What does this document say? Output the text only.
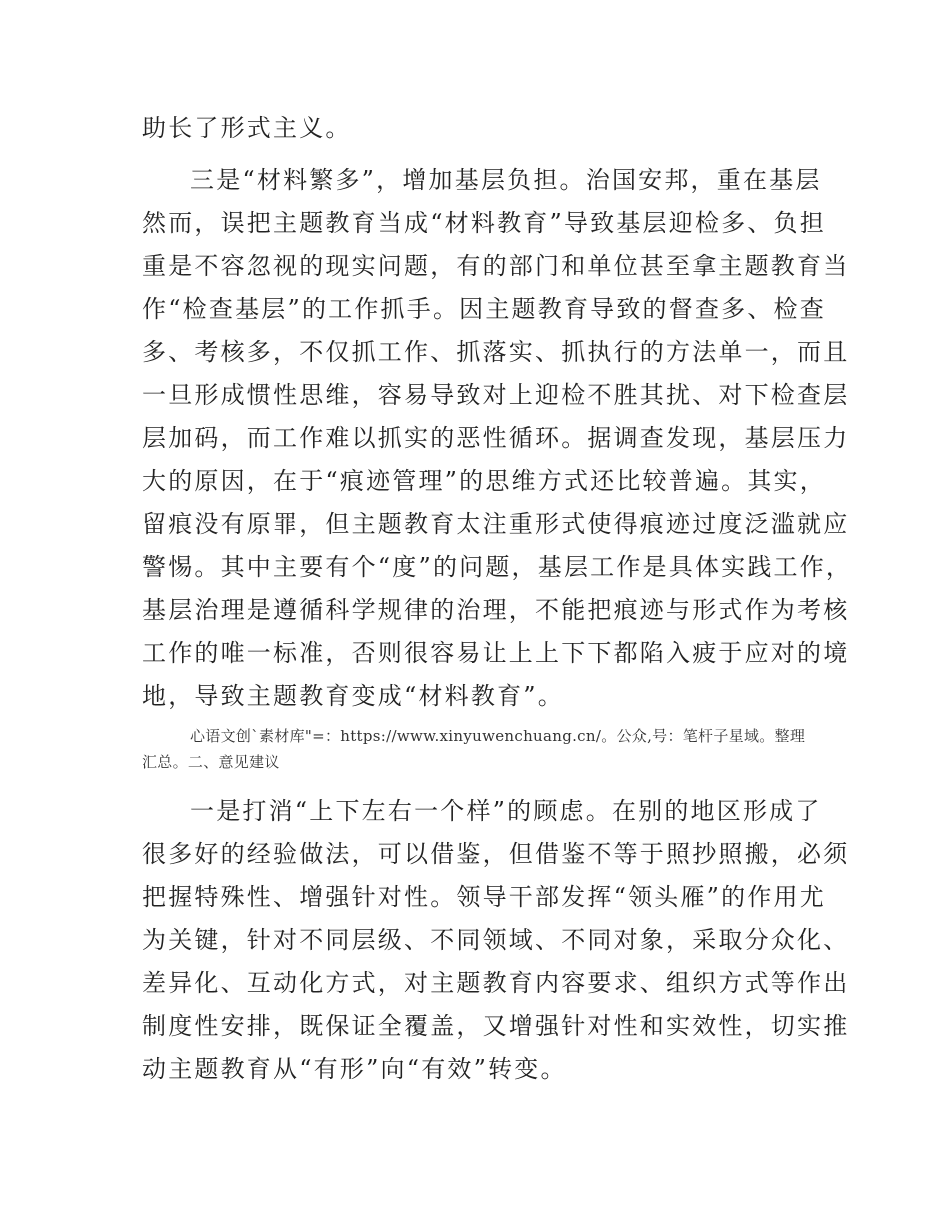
助长了形式主义。
三是“材料繁多”，增加基层负担。治国安邦，重在基层
然而，误把主题教育当成“材料教育”导致基层迎检多、负担
重是不容忽视的现实问题，有的部门和单位甚至拿主题教育当
作“检查基层”的工作抓手。因主题教育导致的督查多、检查
多、考核多，不仅抓工作、抓落实、抓执行的方法单一，而且
一旦形成惯性思维，容易导致对上迎检不胜其扰、对下检查层
层加码，而工作难以抓实的恶性循环。据调查发现，基层压力
大的原因，在于“痕迹管理”的思维方式还比较普遍。其实，
留痕没有原罪，但主题教育太注重形式使得痕迹过度泛滥就应
警惕。其中主要有个“度”的问题，基层工作是具体实践工作，
基层治理是遵循科学规律的治理，不能把痕迹与形式作为考核
工作的唯一标准，否则很容易让上上下下都陷入疲于应对的境
地，导致主题教育变成“材料教育”。
心语文创`素材库"=：https://www.xinyuwenchuang.cn/。公众,号：笔杆子星域。整理
汇总。二、意见建议
一是打消“上下左右一个样”的顾虑。在别的地区形成了
很多好的经验做法，可以借鉴，但借鉴不等于照抄照搬，必须
把握特殊性、增强针对性。领导干部发挥“领头雁”的作用尤
为关键，针对不同层级、不同领域、不同对象，采取分众化、
差异化、互动化方式，对主题教育内容要求、组织方式等作出
制度性安排，既保证全覆盖，又增强针对性和实效性，切实推
动主题教育从“有形”向“有效”转变。
